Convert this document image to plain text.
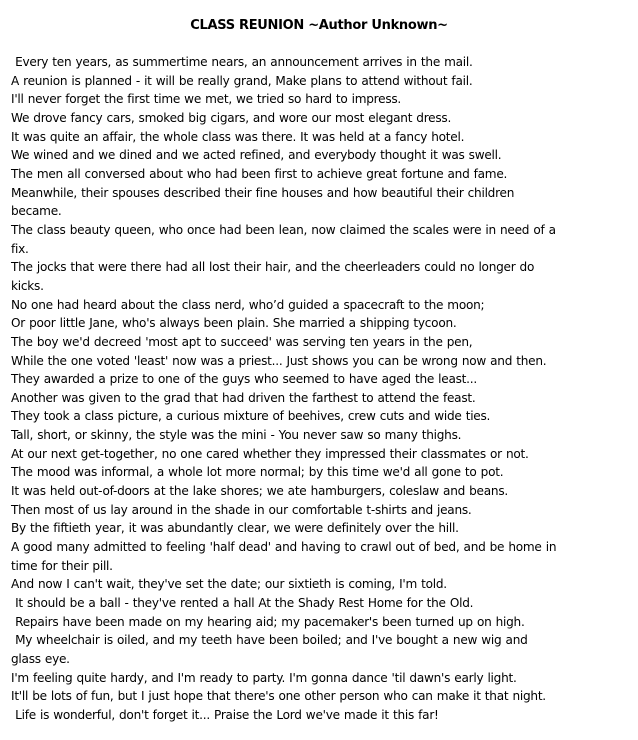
CLASS REUNION ~Author Unknown~
Every ten years, as summertime nears, an announcement arrives in the mail.
A reunion is planned - it will be really grand, Make plans to attend without fail.
I'll never forget the first time we met, we tried so hard to impress.
We drove fancy cars, smoked big cigars, and wore our most elegant dress.
It was quite an affair, the whole class was there. It was held at a fancy hotel.
We wined and we dined and we acted refined, and everybody thought it was swell.
The men all conversed about who had been first to achieve great fortune and fame.
Meanwhile, their spouses described their fine houses and how beautiful their children
became.
The class beauty queen, who once had been lean, now claimed the scales were in need of a
fix.
The jocks that were there had all lost their hair, and the cheerleaders could no longer do
kicks.
No one had heard about the class nerd, who’d guided a spacecraft to the moon;
Or poor little Jane, who's always been plain. She married a shipping tycoon.
The boy we'd decreed 'most apt to succeed' was serving ten years in the pen,
While the one voted 'least' now was a priest... Just shows you can be wrong now and then.
They awarded a prize to one of the guys who seemed to have aged the least...
Another was given to the grad that had driven the farthest to attend the feast.
They took a class picture, a curious mixture of beehives, crew cuts and wide ties.
Tall, short, or skinny, the style was the mini - You never saw so many thighs.
At our next get-together, no one cared whether they impressed their classmates or not.
The mood was informal, a whole lot more normal; by this time we'd all gone to pot.
It was held out-of-doors at the lake shores; we ate hamburgers, coleslaw and beans.
Then most of us lay around in the shade in our comfortable t-shirts and jeans.
By the fiftieth year, it was abundantly clear, we were definitely over the hill.
A good many admitted to feeling 'half dead' and having to crawl out of bed, and be home in
time for their pill.
And now I can't wait, they've set the date; our sixtieth is coming, I'm told.
It should be a ball - they've rented a hall At the Shady Rest Home for the Old.
Repairs have been made on my hearing aid; my pacemaker's been turned up on high.
My wheelchair is oiled, and my teeth have been boiled; and I've bought a new wig and
glass eye.
I'm feeling quite hardy, and I'm ready to party. I'm gonna dance 'til dawn's early light.
It'll be lots of fun, but I just hope that there's one other person who can make it that night.
Life is wonderful, don't forget it... Praise the Lord we've made it this far!
